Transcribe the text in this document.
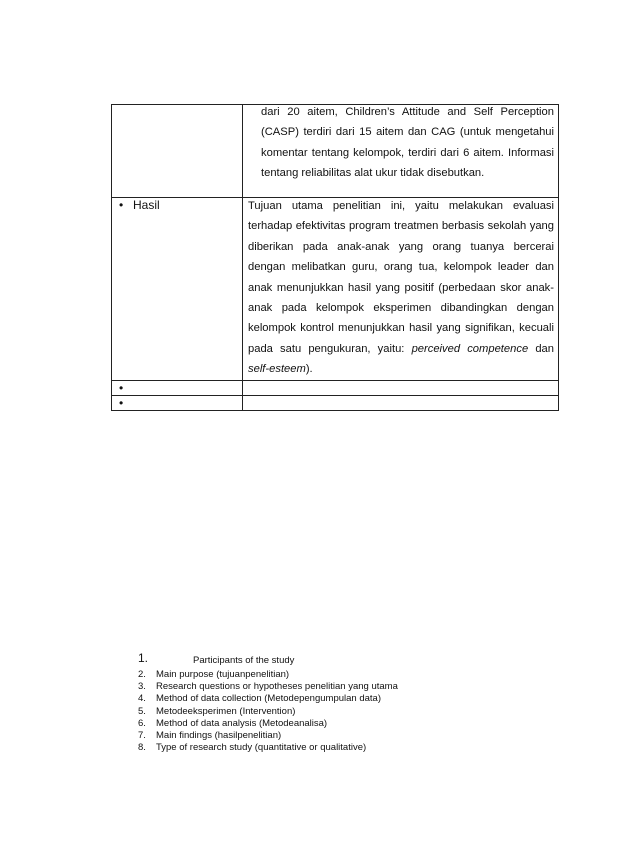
	dari 20 aitem, Children’s Attitude and Self Perception (CASP) terdiri dari 15 aitem dan CAG (untuk mengetahui komentar tentang kelompok, terdiri dari 6 aitem. Informasi tentang reliabilitas alat ukur tidak disebutkan.

• Hasil	Tujuan utama penelitian ini, yaitu melakukan evaluasi terhadap efektivitas program treatmen berbasis sekolah yang diberikan pada anak-anak yang orang tuanya bercerai dengan melibatkan guru, orang tua, kelompok leader dan anak menunjukkan hasil yang positif (perbedaan skor anak-anak pada kelompok eksperimen dibandingkan dengan kelompok kontrol menunjukkan hasil yang signifikan, kecuali pada satu pengukuran, yaitu: perceived competence dan self-esteem).

•	

•	

1.	Participants of the study
2.	Main purpose (tujuanpenelitian)
3.	Research questions or hypotheses penelitian yang utama
4.	Method of data collection (Metodepengumpulan data)
5.	Metodeeksperimen (Intervention)
6.	Method of data analysis (Metodeanalisa)
7.	Main findings (hasilpenelitian)
8.	Type of research study (quantitative or qualitative)
